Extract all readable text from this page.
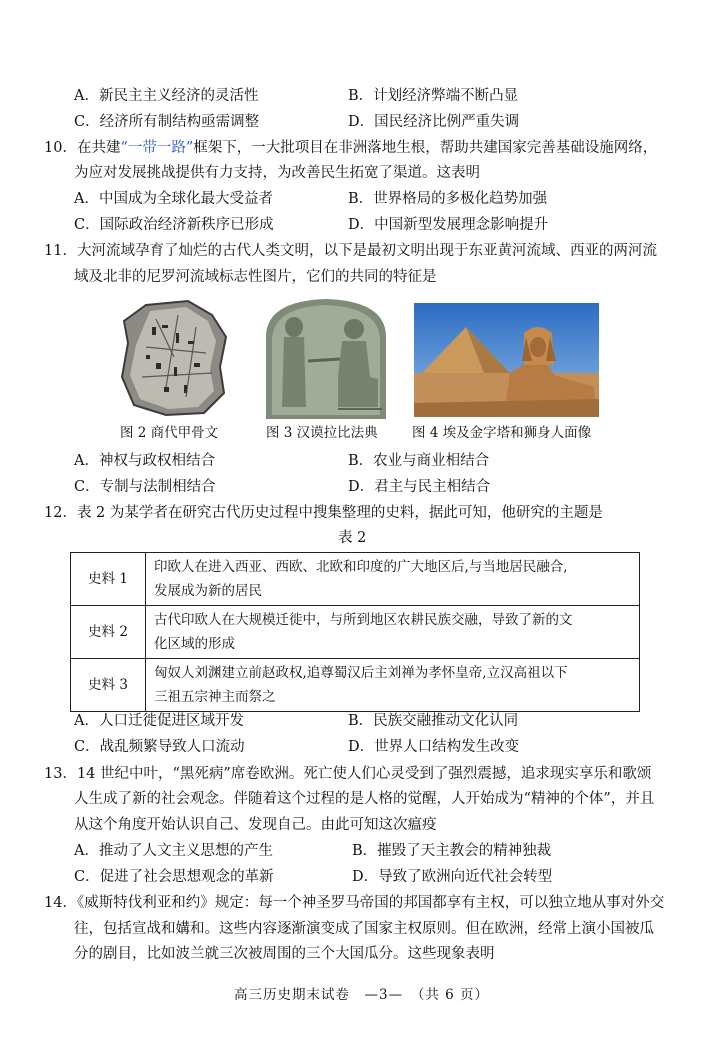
A．新民主主义经济的灵活性	B．计划经济弊端不断凸显
C．经济所有制结构亟需调整	D．国民经济比例严重失调
10．在共建“一带一路”框架下，一大批项目在非洲落地生根，帮助共建国家完善基础设施网络，
为应对发展挑战提供有力支持，为改善民生拓宽了渠道。这表明
A．中国成为全球化最大受益者	B．世界格局的多极化趋势加强
C．国际政治经济新秩序已形成	D．中国新型发展理念影响提升
11．大河流域孕育了灿烂的古代人类文明，以下是最初文明出现于东亚黄河流域、西亚的两河流
域及北非的尼罗河流域标志性图片，它们的共同的特征是
图 2 商代甲骨文	图 3 汉谟拉比法典	图 4 埃及金字塔和狮身人面像
A．神权与政权相结合	B．农业与商业相结合
C．专制与法制相结合	D．君主与民主相结合
12．表 2 为某学者在研究古代历史过程中搜集整理的史料，据此可知，他研究的主题是
表 2
史料 1	印欧人在进入西亚、西欧、北欧和印度的广大地区后,与当地居民融合,
发展成为新的居民

史料 2	古代印欧人在大规模迁徙中，与所到地区农耕民族交融，导致了新的文
化区域的形成

史料 3	匈奴人刘渊建立前赵政权,追尊蜀汉后主刘禅为孝怀皇帝,立汉高祖以下
三祖五宗神主而祭之
A．人口迁徙促进区域开发	B．民族交融推动文化认同
C．战乱频繁导致人口流动	D．世界人口结构发生改变
13．14 世纪中叶，“黑死病”席卷欧洲。死亡使人们心灵受到了强烈震撼，追求现实享乐和歌颂
人生成了新的社会观念。伴随着这个过程的是人格的觉醒，人开始成为“精神的个体”，并且
从这个角度开始认识自己、发现自己。由此可知这次瘟疫
A．推动了人文主义思想的产生	B．摧毁了天主教会的精神独裁
C．促进了社会思想观念的革新	D．导致了欧洲向近代社会转型
14．《威斯特伐利亚和约》规定：每一个神圣罗马帝国的邦国都享有主权，可以独立地从事对外交
往，包括宣战和媾和。这些内容逐渐演变成了国家主权原则。但在欧洲，经常上演小国被瓜
分的剧目，比如波兰就三次被周围的三个大国瓜分。这些现象表明
高三历史期末试卷　—3—　（共 6 页）
